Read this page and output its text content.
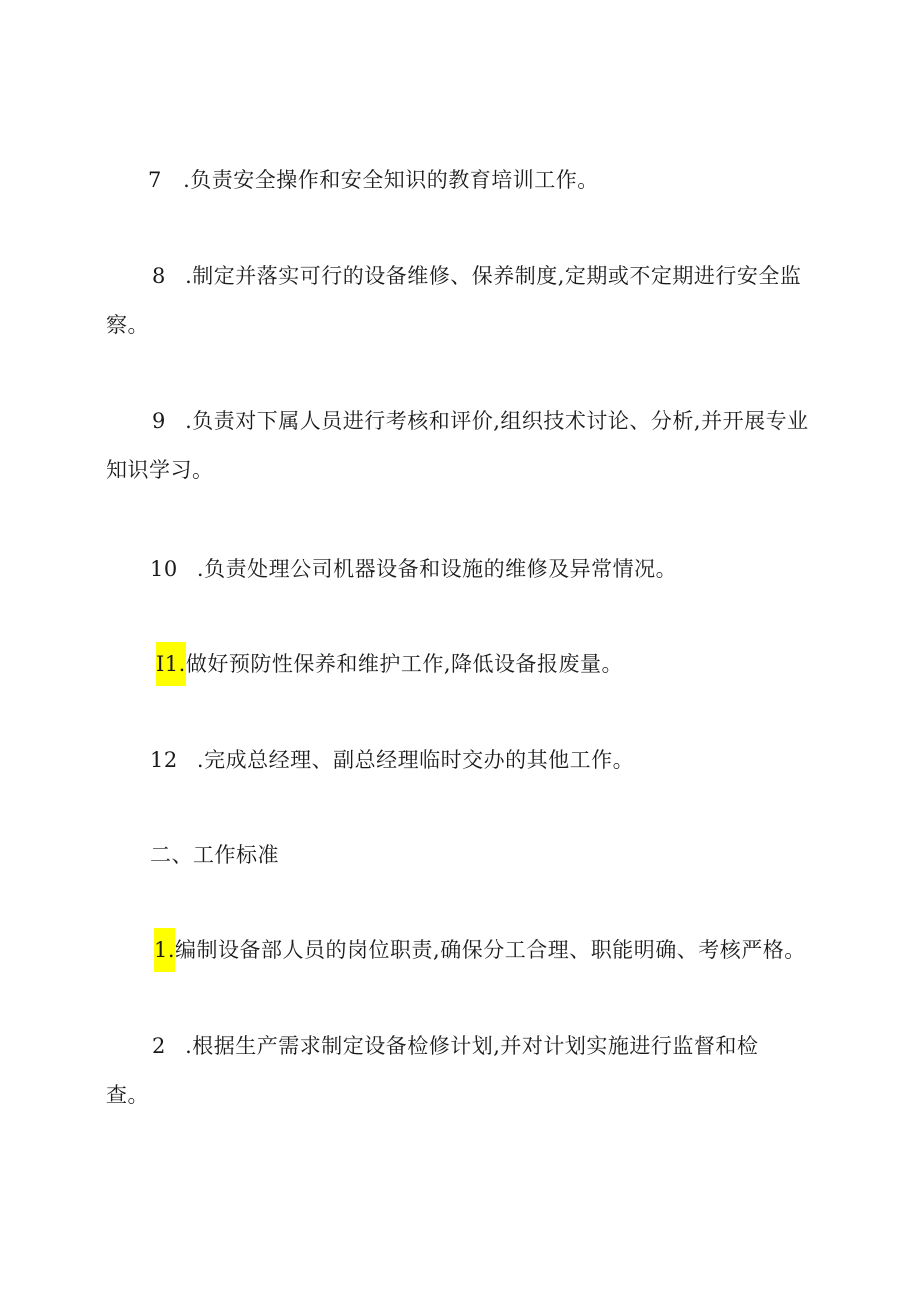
7 .负责安全操作和安全知识的教育培训工作。
8 .制定并落实可行的设备维修、保养制度,定期或不定期进行安全监
察。
9 .负责对下属人员进行考核和评价,组织技术讨论、分析,并开展专业
知识学习。
10 .负责处理公司机器设备和设施的维修及异常情况。
I1.做好预防性保养和维护工作,降低设备报废量。
12 .完成总经理、副总经理临时交办的其他工作。
二、工作标准
1.编制设备部人员的岗位职责,确保分工合理、职能明确、考核严格。
2 .根据生产需求制定设备检修计划,并对计划实施进行监督和检
查。
